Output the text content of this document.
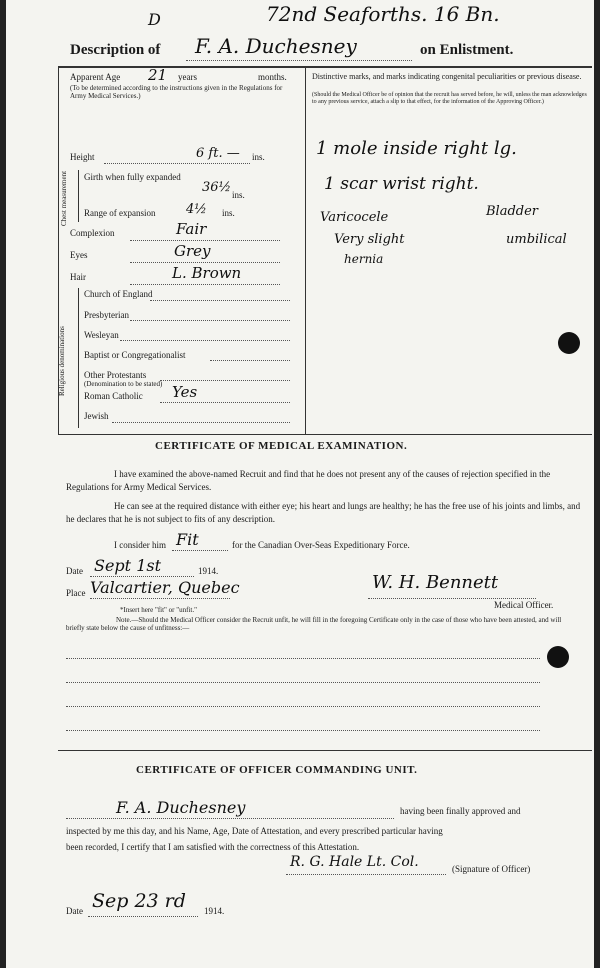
D	72nd Seaforths. 16 Bn.
Description of F. A. Duchesney	on Enlistment.
Apparent Age 21 years	months.
(To be determined according to the instructions given in the Regulations for Army Medical Services.)
Height	6 ft. — ins.
Chest measurement Girth when fully expanded
36½ ins.
Range of expansion 4½ ins.
Complexion	Fair
Eyes	Grey
Hair	L. Brown
Religious denominations
Church of England
Presbyterian
Wesleyan
Baptist or Congregationalist
Other Protestants
(Denomination to be stated)
Roman Catholic Yes
Jewish
Distinctive marks, and marks indicating congenital peculiarities or previous disease.
(Should the Medical Officer be of opinion that the recruit has served before, he will, unless the man acknowledges to any previous service, attach a slip to that effect, for the information of the Approving Officer.)
1 mole inside right lg.
1 scar wrist right.
Varicocele	Bladder
Very slight	umbilical
hernia
CERTIFICATE OF MEDICAL EXAMINATION.
I have examined the above-named Recruit and find that he does not present any of the causes of rejection specified in the Regulations for Army Medical Services.
He can see at the required distance with either eye; his heart and lungs are healthy; he has the free use of his joints and limbs, and he declares that he is not subject to fits of any description.
I consider him Fit	for the Canadian Over-Seas Expeditionary Force.
Date Sept 1st	1914.
Place Valcartier, Quebec	W. H. Bennett
Medical Officer.
*Insert here "fit" or "unfit."
Note.—Should the Medical Officer consider the Recruit unfit, he will fill in the foregoing Certificate only in the case of those who have been attested, and will briefly state below the cause of unfitness:—
CERTIFICATE OF OFFICER COMMANDING UNIT.
F. A. Duchesney	having been finally approved and
inspected by me this day, and his Name, Age, Date of Attestation, and every prescribed particular having
been recorded, I certify that I am satisfied with the correctness of this Attestation.
R. G. Hale Lt. Col.	(Signature of Officer)
Date Sep 23 rd 1914.
